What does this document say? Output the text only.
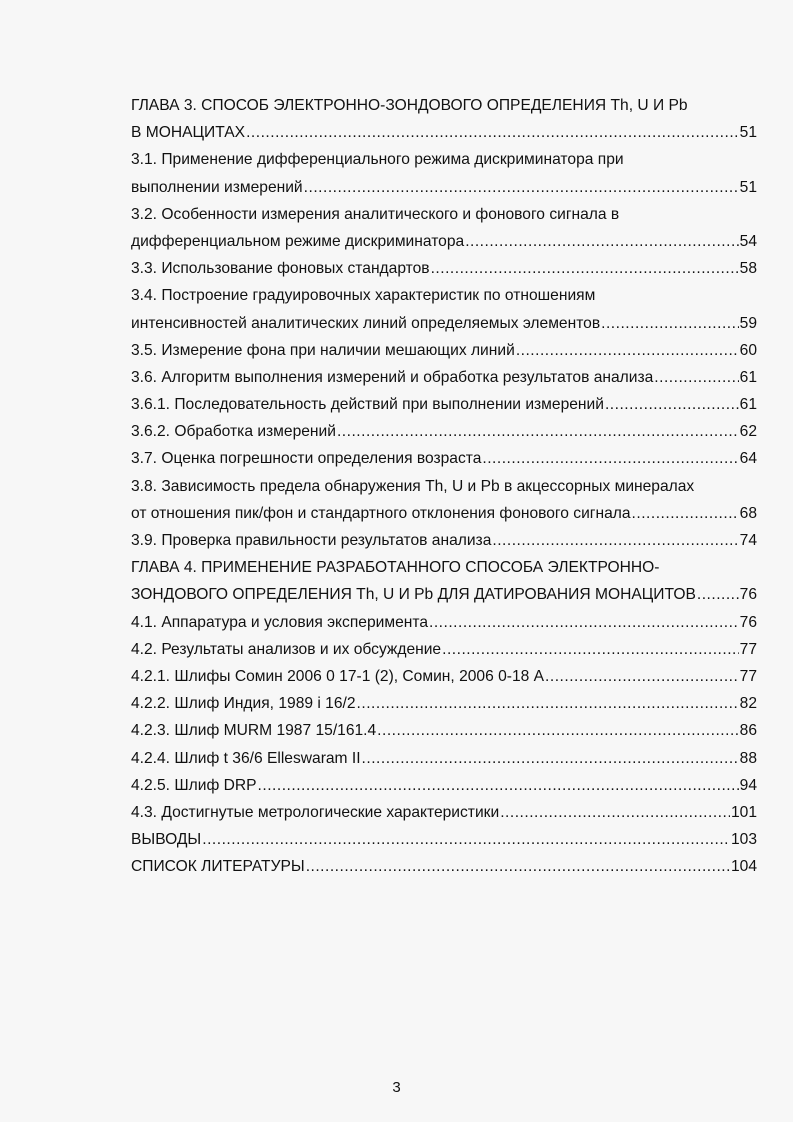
ГЛАВА 3. СПОСОБ ЭЛЕКТРОННО-ЗОНДОВОГО ОПРЕДЕЛЕНИЯ Th, U И Pb
В МОНАЦИТАХ .....	51
3.1. Применение дифференциального режима дискриминатора при
выполнении измерений .....	51
3.2. Особенности измерения аналитического и фонового сигнала в
дифференциальном режиме дискриминатора .....	54
3.3. Использование фоновых стандартов .....	58
3.4. Построение градуировочных характеристик по отношениям
интенсивностей аналитических линий определяемых элементов .....	59
3.5. Измерение фона при наличии мешающих линий .....	60
3.6. Алгоритм выполнения измерений и обработка результатов анализа .....	61
3.6.1. Последовательность действий при выполнении измерений .....	61
3.6.2. Обработка измерений .....	62
3.7. Оценка погрешности определения возраста .....	64
3.8. Зависимость предела обнаружения Th, U и Pb в акцессорных минералах
от отношения пик/фон и стандартного отклонения фонового сигнала .....	68
3.9. Проверка правильности результатов анализа .....	74
ГЛАВА 4. ПРИМЕНЕНИЕ РАЗРАБОТАННОГО СПОСОБА ЭЛЕКТРОННО-
ЗОНДОВОГО ОПРЕДЕЛЕНИЯ Th, U И Pb ДЛЯ ДАТИРОВАНИЯ МОНАЦИТОВ .....	76
4.1. Аппаратура и условия эксперимента .....	76
4.2. Результаты анализов и их обсуждение .....	77
4.2.1. Шлифы Сомин 2006 0 17-1 (2), Сомин, 2006 0-18 А .....	77
4.2.2. Шлиф Индия, 1989 i 16/2 .....	82
4.2.3. Шлиф MURM 1987 15/161.4 .....	86
4.2.4. Шлиф t 36/6 Elleswaram II .....	88
4.2.5. Шлиф DRP .....	94
4.3. Достигнутые метрологические характеристики .....	101
ВЫВОДЫ .....	103
СПИСОК ЛИТЕРАТУРЫ .....	104
3
